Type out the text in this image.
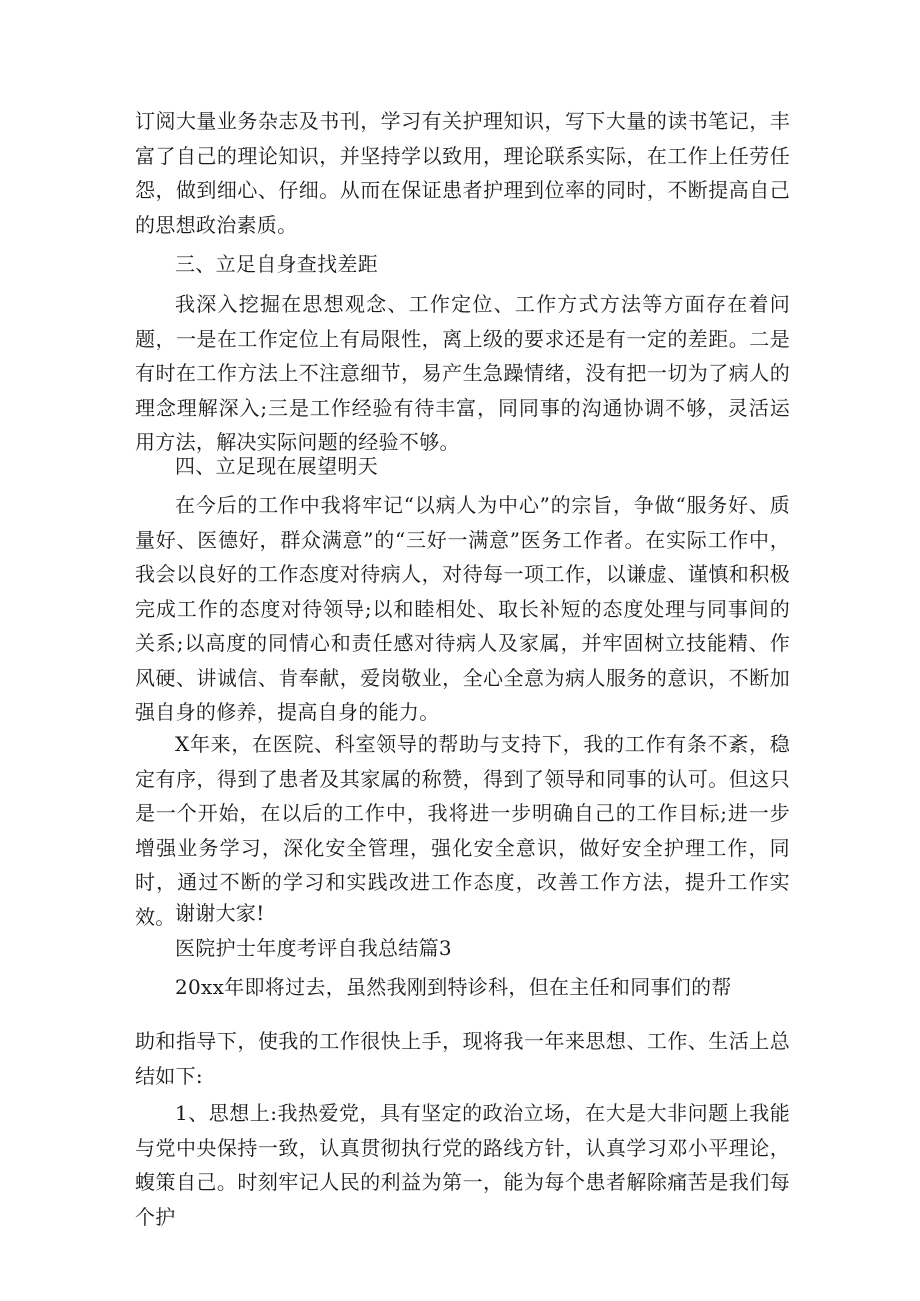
订阅大量业务杂志及书刊，学习有关护理知识，写下大量的读书笔记，丰富了自己的理论知识，并坚持学以致用，理论联系实际，在工作上任劳任怨，做到细心、仔细。从而在保证患者护理到位率的同时，不断提高自己的思想政治素质。

三、立足自身查找差距

我深入挖掘在思想观念、工作定位、工作方式方法等方面存在着问题，一是在工作定位上有局限性，离上级的要求还是有一定的差距。二是有时在工作方法上不注意细节，易产生急躁情绪，没有把一切为了病人的理念理解深入;三是工作经验有待丰富，同同事的沟通协调不够，灵活运用方法，解决实际问题的经验不够。

四、立足现在展望明天

在今后的工作中我将牢记“以病人为中心”的宗旨，争做“服务好、质量好、医德好，群众满意”的“三好一满意”医务工作者。在实际工作中，我会以良好的工作态度对待病人，对待每一项工作，以谦虚、谨慎和积极完成工作的态度对待领导;以和睦相处、取长补短的态度处理与同事间的关系;以高度的同情心和责任感对待病人及家属，并牢固树立技能精、作风硬、讲诚信、肯奉献，爱岗敬业，全心全意为病人服务的意识，不断加强自身的修养，提高自身的能力。

X年来，在医院、科室领导的帮助与支持下，我的工作有条不紊，稳定有序，得到了患者及其家属的称赞，得到了领导和同事的认可。但这只是一个开始，在以后的工作中，我将进一步明确自己的工作目标;进一步增强业务学习，深化安全管理，强化安全意识，做好安全护理工作，同时，通过不断的学习和实践改进工作态度，改善工作方法，提升工作实效。 谢谢大家!

医院护士年度考评自我总结篇3

20xx年即将过去，虽然我刚到特诊科，但在主任和同事们的帮

助和指导下，使我的工作很快上手，现将我一年来思想、工作、生活上总结如下:

1、思想上:我热爱党，具有坚定的政治立场，在大是大非问题上我能与党中央保持一致，认真贯彻执行党的路线方针，认真学习邓小平理论，蝮策自己。时刻牢记人民的利益为第一，能为每个患者解除痛苦是我们每个护
